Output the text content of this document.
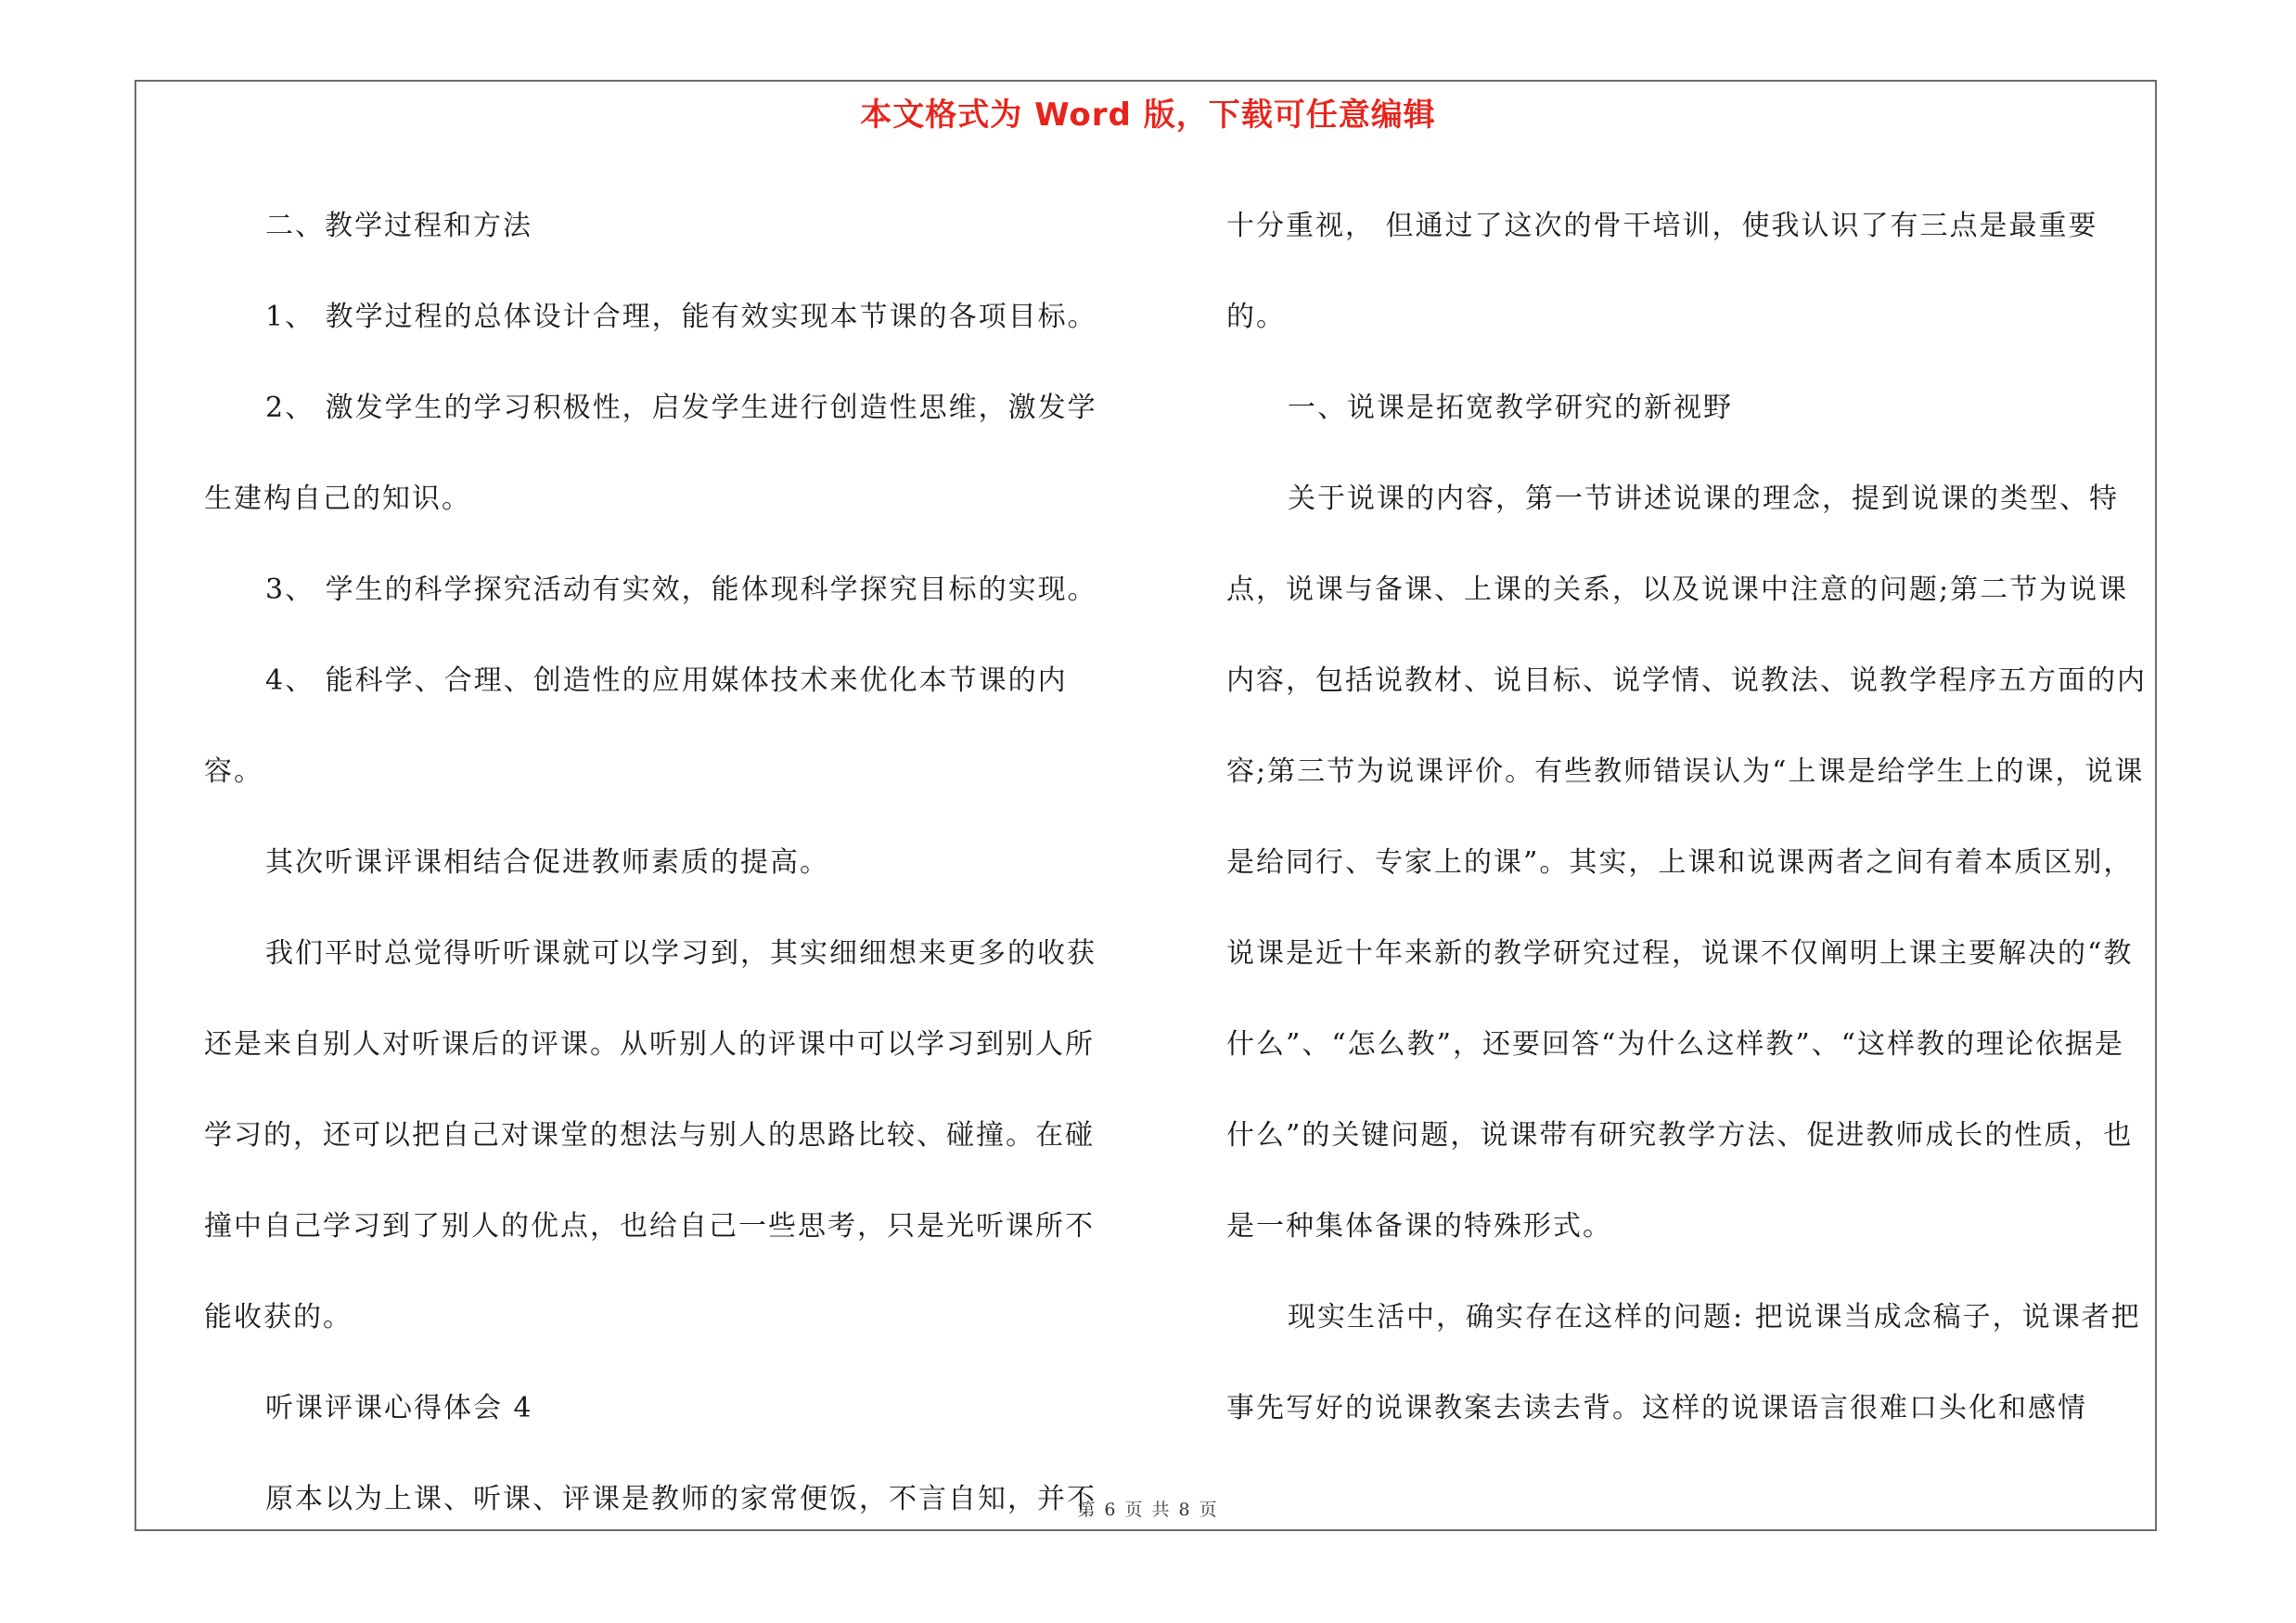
本文格式为 Word 版，下载可任意编辑

二、教学过程和方法

1、 教学过程的总体设计合理，能有效实现本节课的各项目标。

2、 激发学生的学习积极性，启发学生进行创造性思维，激发学生建构自己的知识。

3、 学生的科学探究活动有实效，能体现科学探究目标的实现。

4、 能科学、合理、创造性的应用媒体技术来优化本节课的内容。

其次听课评课相结合促进教师素质的提高。

我们平时总觉得听听课就可以学习到，其实细细想来更多的收获还是来自别人对听课后的评课。从听别人的评课中可以学习到别人所学习的，还可以把自己对课堂的想法与别人的思路比较、碰撞。在碰撞中自己学习到了别人的优点，也给自己一些思考，只是光听课所不能收获的。

听课评课心得体会 4

原本以为上课、听课、评课是教师的家常便饭，不言自知，并不

十分重视， 但通过了这次的骨干培训，使我认识了有三点是最重要的。

一、说课是拓宽教学研究的新视野

关于说课的内容，第一节讲述说课的理念，提到说课的类型、特点，说课与备课、上课的关系，以及说课中注意的问题;第二节为说课内容，包括说教材、说目标、说学情、说教法、说教学程序五方面的内容;第三节为说课评价。有些教师错误认为“上课是给学生上的课，说课是给同行、专家上的课”。其实，上课和说课两者之间有着本质区别，说课是近十年来新的教学研究过程，说课不仅阐明上课主要解决的“教什么”、“怎么教”，还要回答“为什么这样教”、“这样教的理论依据是什么”的关键问题，说课带有研究教学方法、促进教师成长的性质，也是一种集体备课的特殊形式。

现实生活中，确实存在这样的问题: 把说课当成念稿子，说课者把事先写好的说课教案去读去背。这样的说课语言很难口头化和感情

第 6 页 共 8 页
